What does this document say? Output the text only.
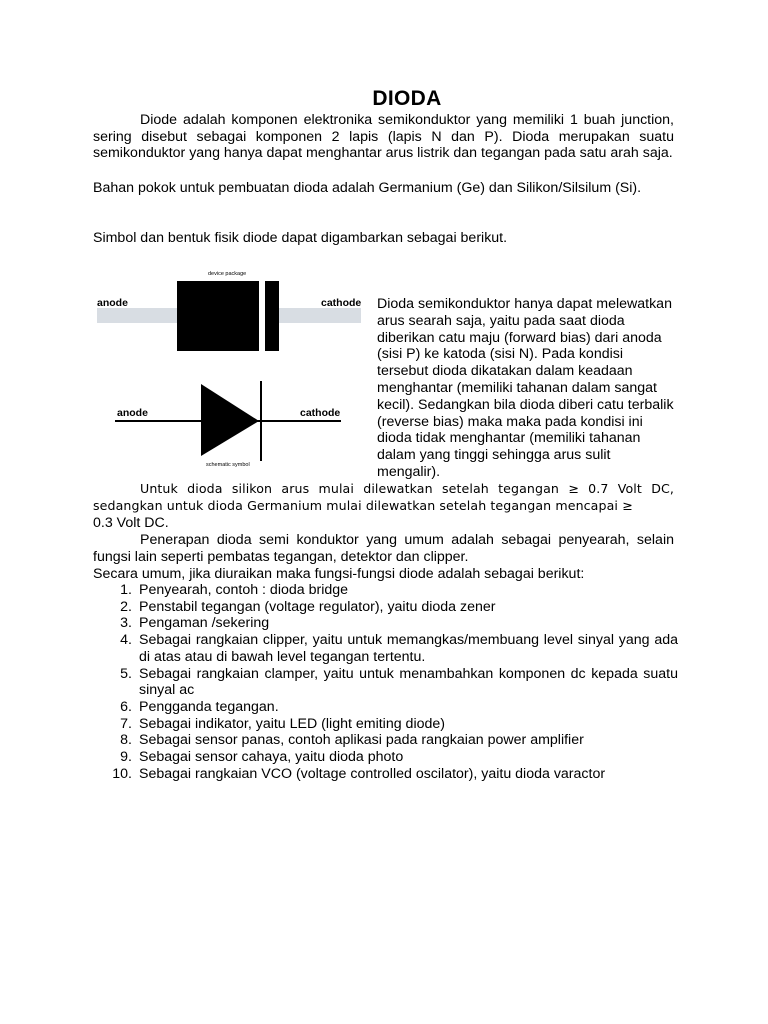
DIODA
Diode adalah komponen elektronika semikonduktor yang memiliki 1 buah junction, sering disebut sebagai komponen 2 lapis (lapis N dan P). Dioda merupakan suatu semikonduktor yang hanya dapat menghantar arus listrik dan tegangan pada satu arah saja.
Bahan pokok untuk pembuatan dioda adalah Germanium (Ge) dan Silikon/Silsilum (Si).
Simbol dan bentuk fisik diode dapat digambarkan sebagai berikut.
device package
anode	cathode
anode	cathode
schematic symbol
Dioda semikonduktor hanya dapat melewatkan arus searah saja, yaitu pada saat dioda diberikan catu maju (forward bias) dari anoda (sisi P) ke katoda (sisi N). Pada kondisi tersebut dioda dikatakan dalam keadaan menghantar (memiliki tahanan dalam sangat kecil). Sedangkan bila dioda diberi catu terbalik (reverse bias) maka maka pada kondisi ini dioda tidak menghantar (memiliki tahanan dalam yang tinggi sehingga arus sulit mengalir).
Untuk dioda silikon arus mulai dilewatkan setelah tegangan ≥ 0.7 Volt DC, sedangkan untuk dioda Germanium mulai dilewatkan setelah tegangan mencapai ≥
0.3 Volt DC.
Penerapan dioda semi konduktor yang umum adalah sebagai penyearah, selain fungsi lain seperti pembatas tegangan, detektor dan clipper.
Secara umum, jika diuraikan maka fungsi-fungsi diode adalah sebagai berikut:
1. Penyearah, contoh : dioda bridge
2. Penstabil tegangan (voltage regulator), yaitu dioda zener
3. Pengaman /sekering
4. Sebagai rangkaian clipper, yaitu untuk memangkas/membuang level sinyal yang ada di atas atau di bawah level tegangan tertentu.
5. Sebagai rangkaian clamper, yaitu untuk menambahkan komponen dc kepada suatu sinyal ac
6. Pengganda tegangan.
7. Sebagai indikator, yaitu LED (light emiting diode)
8. Sebagai sensor panas, contoh aplikasi pada rangkaian power amplifier
9. Sebagai sensor cahaya, yaitu dioda photo
10. Sebagai rangkaian VCO (voltage controlled oscilator), yaitu dioda varactor
